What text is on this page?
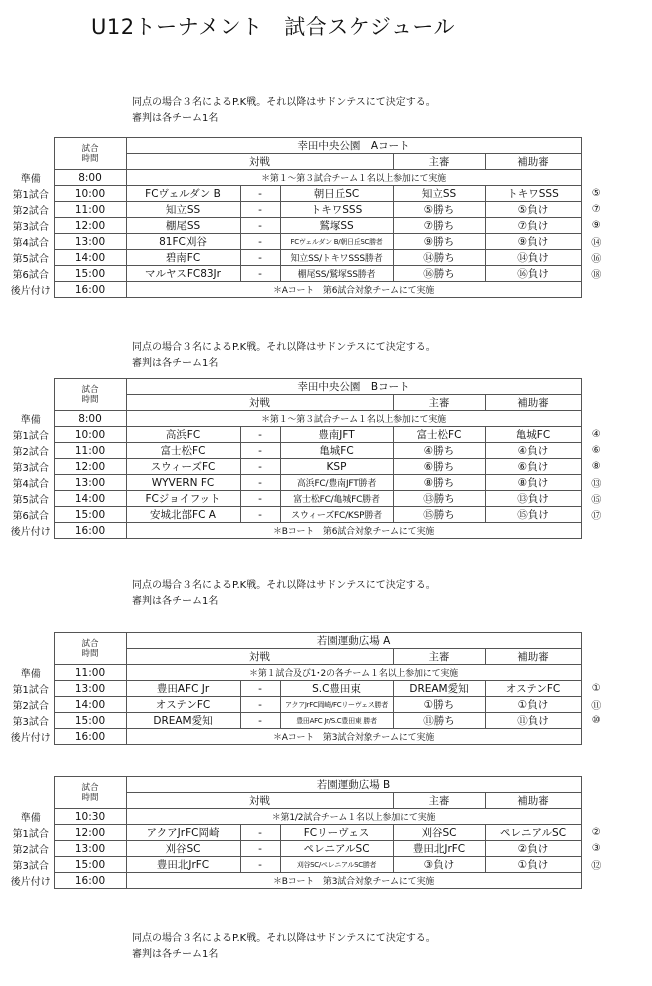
U12トーナメント　試合スケジュール
同点の場合３名によるP.K戦。それ以降はサドンテスにて決定する。
審判は各チーム1名

	試合
時間	幸田中央公園　Aコート					
		対戦			主審	補助審	
準備	8:00	＊第１～第３試合チーム１名以上参加にて実施					
第1試合	10:00	FCヴェルダン B	-	朝日丘SC	知立SS	トキワSSS	⑤
第2試合	11:00	知立SS	-	トキワSSS	⑤勝ち	⑤負け	⑦
第3試合	12:00	棚尾SS	-	鷲塚SS	⑦勝ち	⑦負け	⑨
第4試合	13:00	81FC刈谷	-	FCヴェルダン B/朝日丘SC勝者	⑨勝ち	⑨負け	⑭
第5試合	14:00	碧南FC	-	知立SS/トキワSSS勝者	⑭勝ち	⑭負け	⑯
第6試合	15:00	マルヤスFC83Jr	-	棚尾SS/鷲塚SS勝者	⑯勝ち	⑯負け	⑱
後片付け	16:00	＊Aコート　第6試合対象チームにて実施					
同点の場合３名によるP.K戦。それ以降はサドンテスにて決定する。
審判は各チーム1名

	試合
時間	幸田中央公園　Bコート					
		対戦			主審	補助審	
準備	8:00	＊第１～第３試合チーム１名以上参加にて実施					
第1試合	10:00	高浜FC	-	豊南JFT	富士松FC	亀城FC	④
第2試合	11:00	富士松FC	-	亀城FC	④勝ち	④負け	⑥
第3試合	12:00	スウィーズFC	-	KSP	⑥勝ち	⑥負け	⑧
第4試合	13:00	WYVERN FC	-	高浜FC/豊南JFT勝者	⑧勝ち	⑧負け	⑬
第5試合	14:00	FCジョイフット	-	富士松FC/亀城FC勝者	⑬勝ち	⑬負け	⑮
第6試合	15:00	安城北部FC A	-	スウィーズFC/KSP勝者	⑮勝ち	⑮負け	⑰
後片付け	16:00	＊Bコート　第6試合対象チームにて実施					
同点の場合３名によるP.K戦。それ以降はサドンテスにて決定する。
審判は各チーム1名

	試合
時間	若園運動広場 A					
		対戦			主審	補助審	
準備	11:00	＊第１試合及び1･2の各チーム１名以上参加にて実施					
第1試合	13:00	豊田AFC Jr	-	S.C豊田東	DREAM愛知	オステンFC	①
第2試合	14:00	オステンFC	-	アクアJrFC岡崎/FCリーヴェス勝者	①勝ち	①負け	⑪
第3試合	15:00	DREAM愛知	-	豊田AFC Jr/S.C豊田東 勝者	⑪勝ち	⑪負け	⑩
後片付け	16:00	＊Aコート　第3試合対象チームにて実施					

	試合
時間	若園運動広場 B					
		対戦			主審	補助審	
準備	10:30	＊第1/2試合チーム１名以上参加にて実施					
第1試合	12:00	アクアJrFC岡崎	-	FCリーヴェス	刈谷SC	ペレニアルSC	②
第2試合	13:00	刈谷SC	-	ペレニアルSC	豊田北JrFC	②負け	③
第3試合	15:00	豊田北JrFC	-	刈谷SC/ペレニアルSC勝者	③負け	①負け	⑫
後片付け	16:00	＊Bコート　第3試合対象チームにて実施					
同点の場合３名によるP.K戦。それ以降はサドンテスにて決定する。
審判は各チーム1名
